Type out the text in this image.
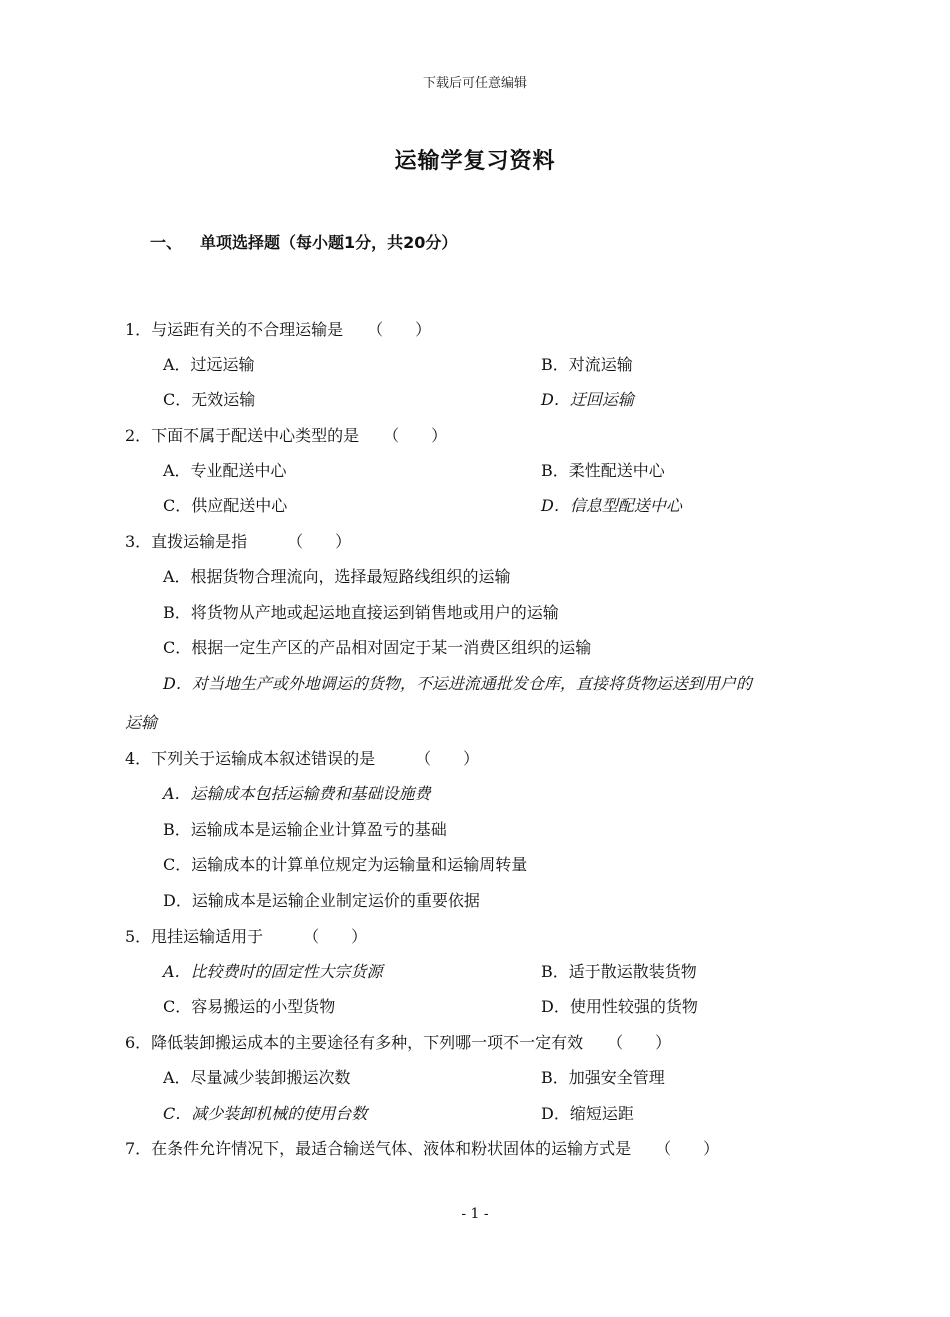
下载后可任意编辑
运输学复习资料
一、 单项选择题（每小题1分，共20分）
1．与运距有关的不合理运输是　　（　　）
A．过远运输	B．对流运输
C．无效运输	D．迂回运输
2．下面不属于配送中心类型的是　　（　　）
A．专业配送中心	B．柔性配送中心
C．供应配送中心	D．信息型配送中心
3．直拨运输是指　　　（　　）
A．根据货物合理流向，选择最短路线组织的运输
B．将货物从产地或起运地直接运到销售地或用户的运输
C．根据一定生产区的产品相对固定于某一消费区组织的运输
D．对当地生产或外地调运的货物，不运进流通批发仓库，直接将货物运送到用户的
运输
4．下列关于运输成本叙述错误的是　　　（　　）
A．运输成本包括运输费和基础设施费
B．运输成本是运输企业计算盈亏的基础
C．运输成本的计算单位规定为运输量和运输周转量
D．运输成本是运输企业制定运价的重要依据
5．甩挂运输适用于　　　（　　）
A．比较费时的固定性大宗货源	B．适于散运散装货物
C．容易搬运的小型货物	D．使用性较强的货物
6．降低装卸搬运成本的主要途径有多种，下列哪一项不一定有效　　（　　）
A．尽量减少装卸搬运次数	B．加强安全管理
C．减少装卸机械的使用台数	D．缩短运距
7．在条件允许情况下，最适合输送气体、液体和粉状固体的运输方式是　　（　　）
- 1 -
